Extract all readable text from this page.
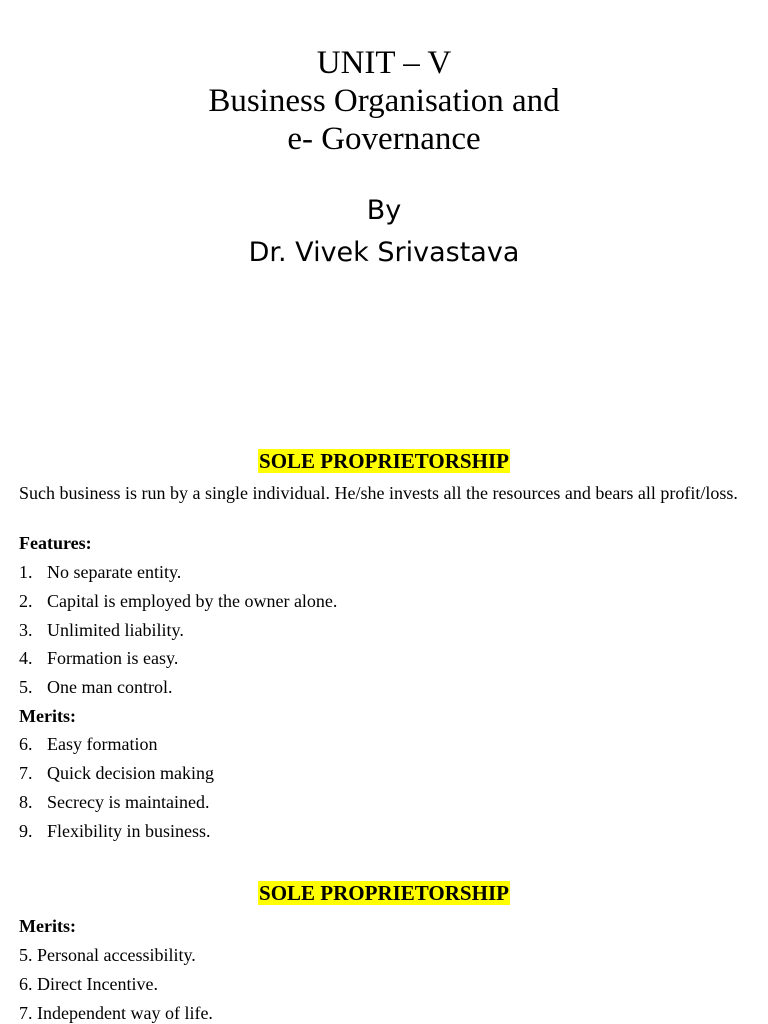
UNIT – V
Business Organisation and
e- Governance
By
Dr. Vivek Srivastava
SOLE PROPRIETORSHIP
Such business is run by a single individual. He/she invests all the resources and bears all profit/loss.
Features:
1. No separate entity.
2. Capital is employed by the owner alone.
3. Unlimited liability.
4. Formation is easy.
5. One man control.
Merits:
6. Easy formation
7. Quick decision making
8. Secrecy is maintained.
9. Flexibility in business.
SOLE PROPRIETORSHIP
Merits:
5. Personal accessibility.
6. Direct Incentive.
7. Independent way of life.
